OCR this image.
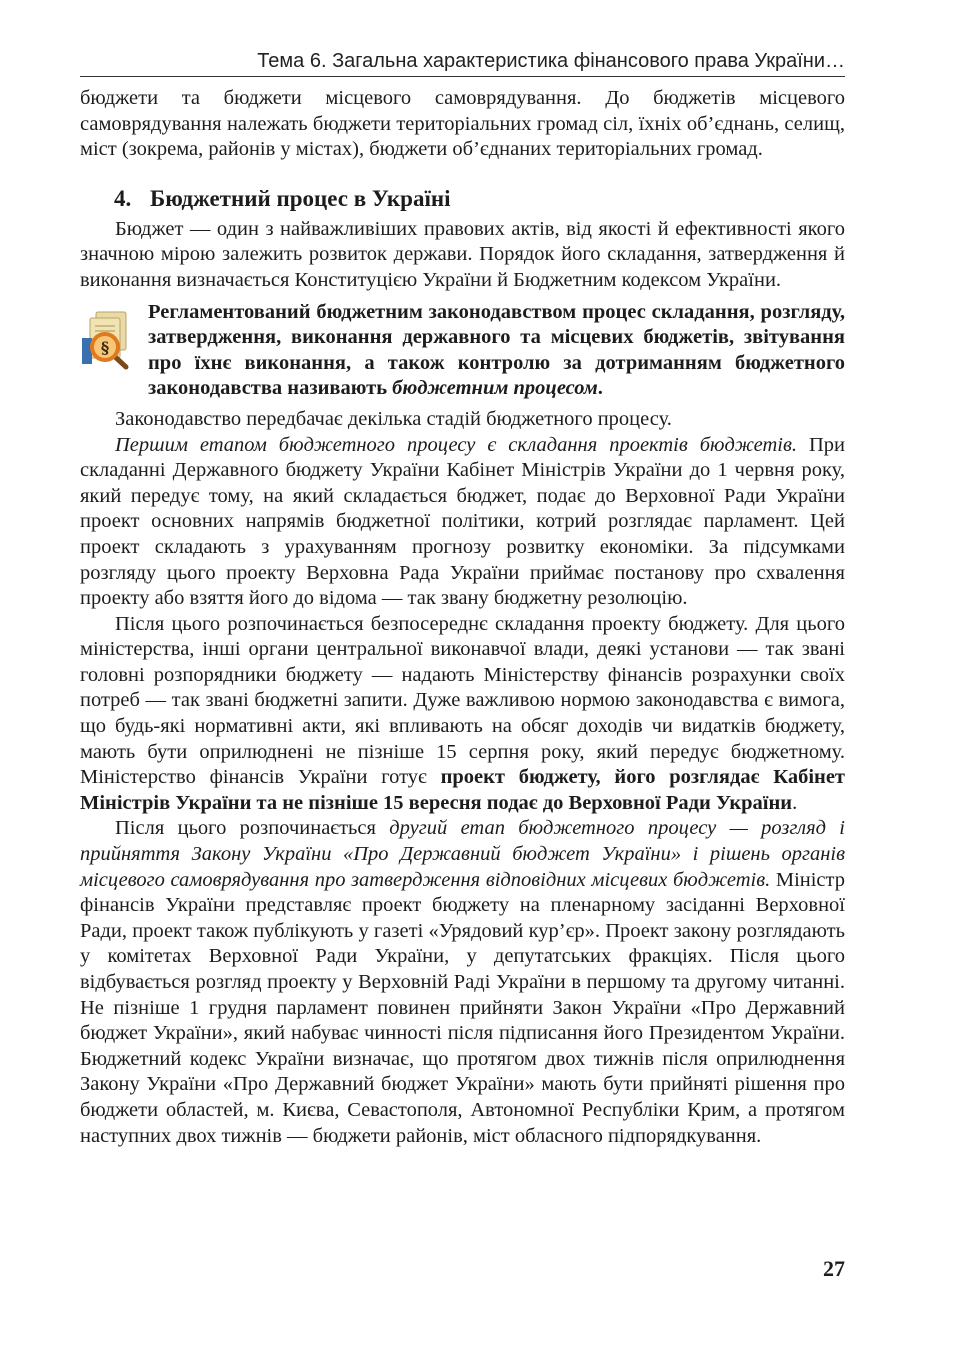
Тема 6. Загальна характеристика фінансового права України…

бюджети та бюджети місцевого самоврядування. До бюджетів місцевого самоврядування належать бюджети територіальних громад сіл, їхніх об’єднань, селищ, міст (зокрема, районів у містах), бюджети об’єднаних територіальних громад.

4. Бюджетний процес в Україні

Бюджет — один з найважливіших правових актів, від якості й ефективності якого значною мірою залежить розвиток держави. Порядок його складання, затвердження й виконання визначається Конституцією України й Бюджетним кодексом України.

§

Регламентований бюджетним законодавством процес складання, розгляду, затвердження, виконання державного та місцевих бюджетів, звітування про їхнє виконання, а також контролю за дотриманням бюджетного законодавства називають бюджетним процесом.

Законодавство передбачає декілька стадій бюджетного процесу.

Першим етапом бюджетного процесу є складання проектів бюджетів. При складанні Державного бюджету України Кабінет Міністрів України до 1 червня року, який передує тому, на який складається бюджет, подає до Верховної Ради України проект основних напрямів бюджетної політики, котрий розглядає парламент. Цей проект складають з урахуванням прогнозу розвитку економіки. За підсумками розгляду цього проекту Верховна Рада України приймає постанову про схвалення проекту або взяття його до відома — так звану бюджетну резолюцію.

Після цього розпочинається безпосереднє складання проекту бюджету. Для цього міністерства, інші органи центральної виконавчої влади, деякі установи — так звані головні розпорядники бюджету — надають Міністерству фінансів розрахунки своїх потреб — так звані бюджетні запити. Дуже важливою нормою законодавства є вимога, що будь-які нормативні акти, які впливають на обсяг доходів чи видатків бюджету, мають бути оприлюднені не пізніше 15 серпня року, який передує бюджетному. Міністерство фінансів України готує проект бюджету, його розглядає Кабінет Міністрів України та не пізніше 15 вересня подає до Верховної Ради України.

Після цього розпочинається другий етап бюджетного процесу — розгляд і прийняття Закону України «Про Державний бюджет України» і рішень органів місцевого самоврядування про затвердження відповідних місцевих бюджетів. Міністр фінансів України представляє проект бюджету на пленарному засіданні Верховної Ради, проект також публікують у газеті «Урядовий кур’єр». Проект закону розглядають у комітетах Верховної Ради України, у депутатських фракціях. Після цього відбувається розгляд проекту у Верховній Раді України в першому та другому читанні. Не пізніше 1 грудня парламент повинен прийняти Закон України «Про Державний бюджет України», який набуває чинності після підписання його Президентом України. Бюджетний кодекс України визначає, що протягом двох тижнів після оприлюднення Закону України «Про Державний бюджет України» мають бути прийняті рішення про бюджети областей, м. Києва, Севастополя, Автономної Республіки Крим, а протягом наступних двох тижнів — бюджети районів, міст обласного підпорядкування.

27
